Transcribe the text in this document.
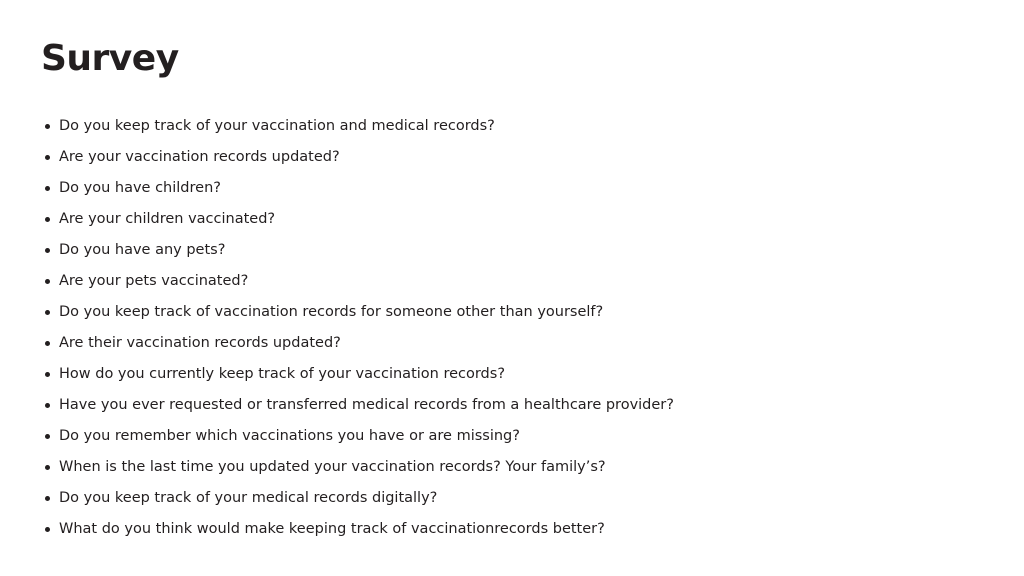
Survey
Do you keep track of your vaccination and medical records?
Are your vaccination records updated?
Do you have children?
Are your children vaccinated?
Do you have any pets?
Are your pets vaccinated?
Do you keep track of vaccination records for someone other than yourself?
Are their vaccination records updated?
How do you currently keep track of your vaccination records?
Have you ever requested or transferred medical records from a healthcare provider?
Do you remember which vaccinations you have or are missing?
When is the last time you updated your vaccination records? Your family’s?
Do you keep track of your medical records digitally?
What do you think would make keeping track of vaccinationrecords better?
